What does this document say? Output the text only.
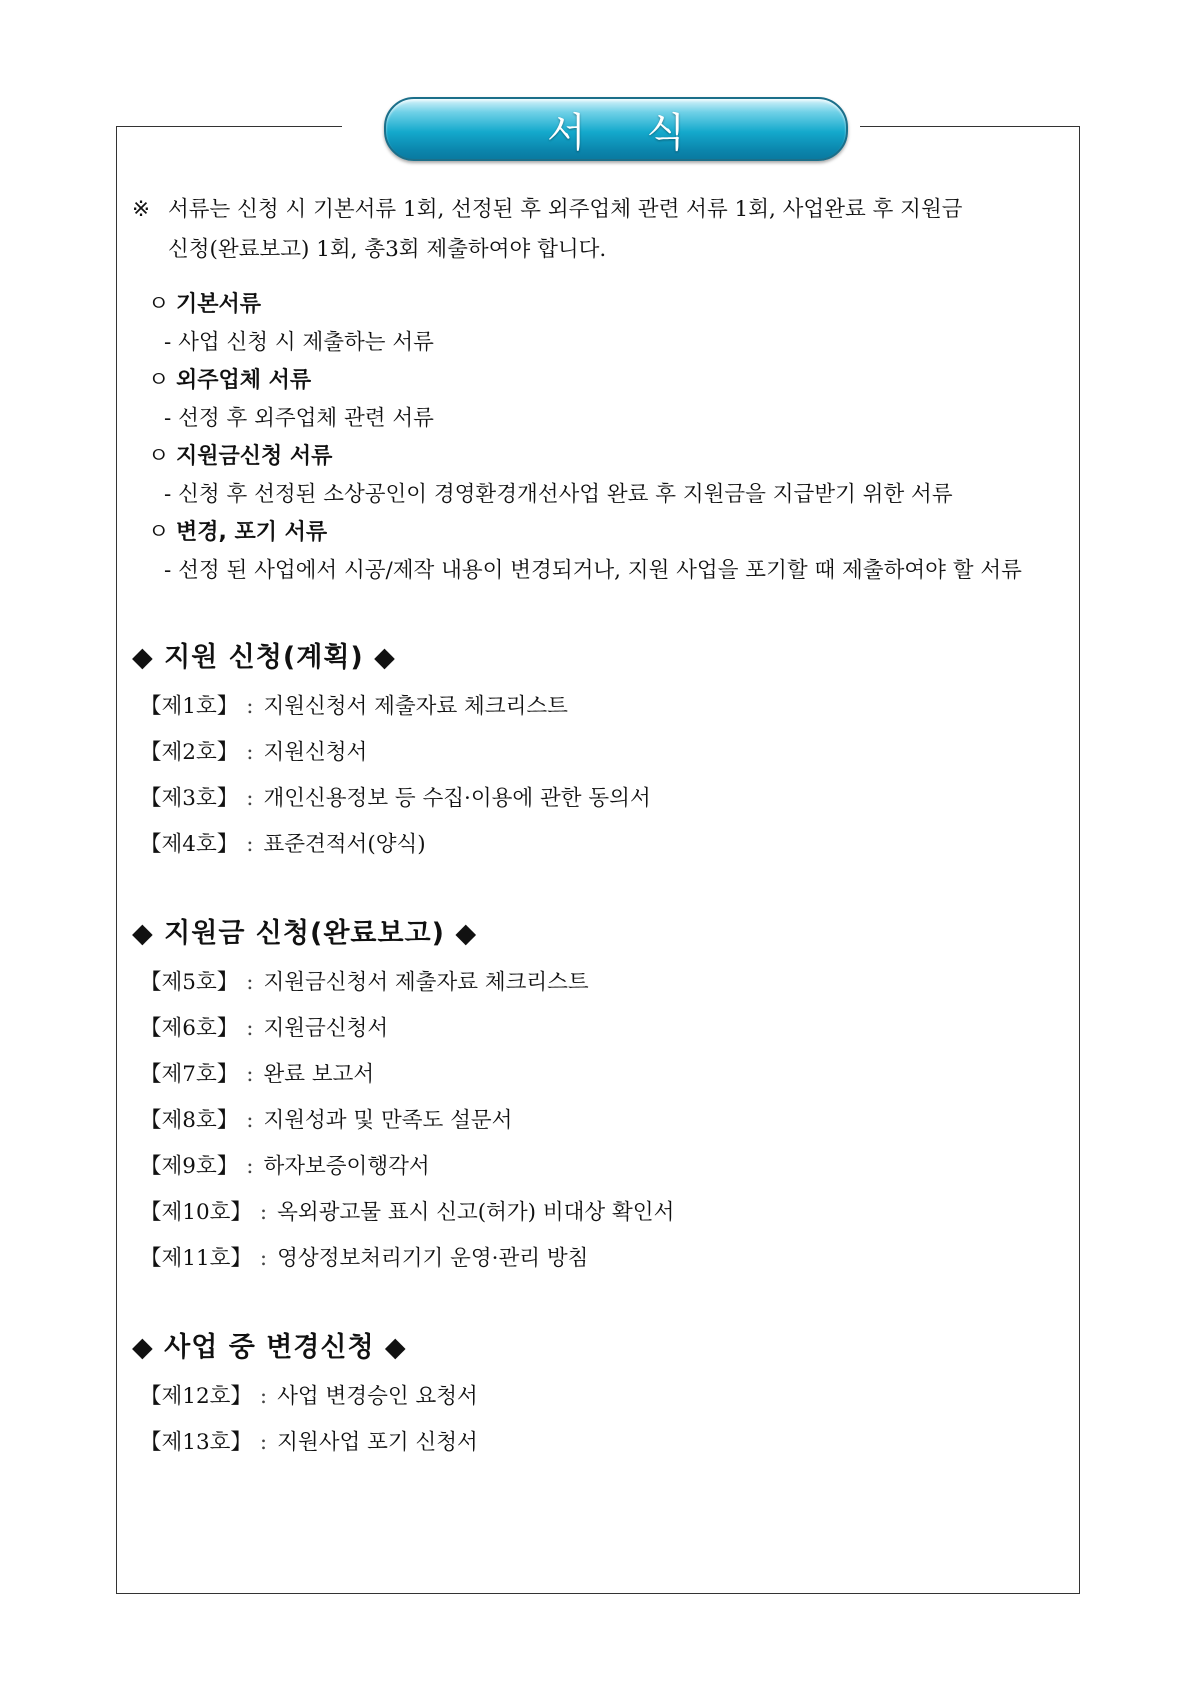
서 식
※ 서류는 신청 시 기본서류 1회, 선정된 후 외주업체 관련 서류 1회, 사업완료 후 지원금
신청(완료보고) 1회, 총3회 제출하여야 합니다.
ㅇ 기본서류
- 사업 신청 시 제출하는 서류
ㅇ 외주업체 서류
- 선정 후 외주업체 관련 서류
ㅇ 지원금신청 서류
- 신청 후 선정된 소상공인이 경영환경개선사업 완료 후 지원금을 지급받기 위한 서류
ㅇ 변경, 포기 서류
- 선정 된 사업에서 시공/제작 내용이 변경되거나, 지원 사업을 포기할 때 제출하여야 할 서류
◆ 지원 신청(계획) ◆
【제1호】 : 지원신청서 제출자료 체크리스트
【제2호】 : 지원신청서
【제3호】 : 개인신용정보 등 수집·이용에 관한 동의서
【제4호】 : 표준견적서(양식)
◆ 지원금 신청(완료보고) ◆
【제5호】 : 지원금신청서 제출자료 체크리스트
【제6호】 : 지원금신청서
【제7호】 : 완료 보고서
【제8호】 : 지원성과 및 만족도 설문서
【제9호】 : 하자보증이행각서
【제10호】 : 옥외광고물 표시 신고(허가) 비대상 확인서
【제11호】 : 영상정보처리기기 운영·관리 방침
◆ 사업 중 변경신청 ◆
【제12호】 : 사업 변경승인 요청서
【제13호】 : 지원사업 포기 신청서
